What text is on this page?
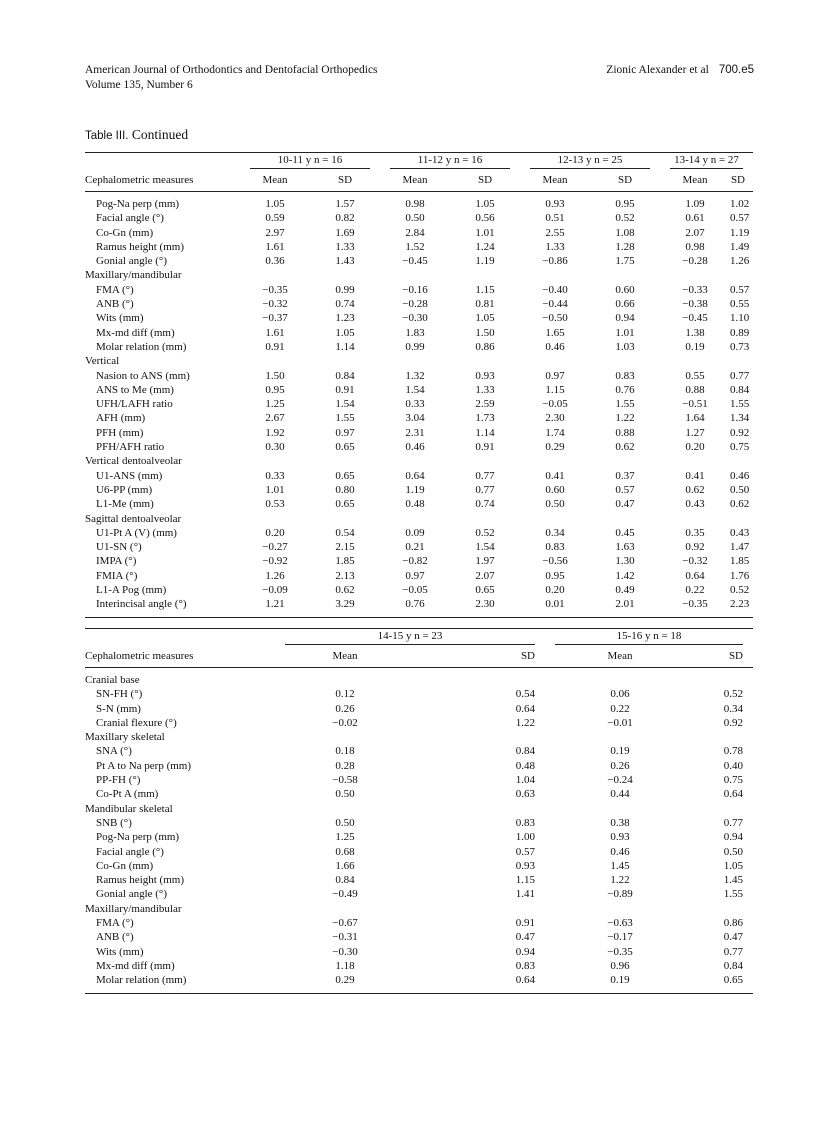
American Journal of Orthodontics and Dentofacial Orthopedics
Volume 135, Number 6
Zionic Alexander et al 700.e5
Table III. Continued

	10-11 y n = 16		11-12 y n = 16		12-13 y n = 25		13-14 y n = 27	

Cephalometric measures	Mean	SD	Mean	SD	Mean	SD	Mean	SD

Pog-Na perp (mm)	1.05	1.57	0.98	1.05	0.93	0.95	1.09	1.02
Facial angle (°)	0.59	0.82	0.50	0.56	0.51	0.52	0.61	0.57
Co-Gn (mm)	2.97	1.69	2.84	1.01	2.55	1.08	2.07	1.19
Ramus height (mm)	1.61	1.33	1.52	1.24	1.33	1.28	0.98	1.49
Gonial angle (°)	0.36	1.43	−0.45	1.19	−0.86	1.75	−0.28	1.26
Maxillary/mandibular								
FMA (°)	−0.35	0.99	−0.16	1.15	−0.40	0.60	−0.33	0.57
ANB (°)	−0.32	0.74	−0.28	0.81	−0.44	0.66	−0.38	0.55
Wits (mm)	−0.37	1.23	−0.30	1.05	−0.50	0.94	−0.45	1.10
Mx-md diff (mm)	1.61	1.05	1.83	1.50	1.65	1.01	1.38	0.89
Molar relation (mm)	0.91	1.14	0.99	0.86	0.46	1.03	0.19	0.73
Vertical								
Nasion to ANS (mm)	1.50	0.84	1.32	0.93	0.97	0.83	0.55	0.77
ANS to Me (mm)	0.95	0.91	1.54	1.33	1.15	0.76	0.88	0.84
UFH/LAFH ratio	1.25	1.54	0.33	2.59	−0.05	1.55	−0.51	1.55
AFH (mm)	2.67	1.55	3.04	1.73	2.30	1.22	1.64	1.34
PFH (mm)	1.92	0.97	2.31	1.14	1.74	0.88	1.27	0.92
PFH/AFH ratio	0.30	0.65	0.46	0.91	0.29	0.62	0.20	0.75
Vertical dentoalveolar								
U1-ANS (mm)	0.33	0.65	0.64	0.77	0.41	0.37	0.41	0.46
U6-PP (mm)	1.01	0.80	1.19	0.77	0.60	0.57	0.62	0.50
L1-Me (mm)	0.53	0.65	0.48	0.74	0.50	0.47	0.43	0.62
Sagittal dentoalveolar								
U1-Pt A (V) (mm)	0.20	0.54	0.09	0.52	0.34	0.45	0.35	0.43
U1-SN (°)	−0.27	2.15	0.21	1.54	0.83	1.63	0.92	1.47
IMPA (°)	−0.92	1.85	−0.82	1.97	−0.56	1.30	−0.32	1.85
FMIA (°)	1.26	2.13	0.97	2.07	0.95	1.42	0.64	1.76
L1-A Pog (mm)	−0.09	0.62	−0.05	0.65	0.20	0.49	0.22	0.52
Interincisal angle (°)	1.21	3.29	0.76	2.30	0.01	2.01	−0.35	2.23

	14-15 y n = 23		15-16 y n = 18	

Cephalometric measures	Mean	SD	Mean	SD

Cranial base				
SN-FH (°)	0.12	0.54	0.06	0.52
S-N (mm)	0.26	0.64	0.22	0.34
Cranial flexure (°)	−0.02	1.22	−0.01	0.92
Maxillary skeletal				
SNA (°)	0.18	0.84	0.19	0.78
Pt A to Na perp (mm)	0.28	0.48	0.26	0.40
PP-FH (°)	−0.58	1.04	−0.24	0.75
Co-Pt A (mm)	0.50	0.63	0.44	0.64
Mandibular skeletal				
SNB (°)	0.50	0.83	0.38	0.77
Pog-Na perp (mm)	1.25	1.00	0.93	0.94
Facial angle (°)	0.68	0.57	0.46	0.50
Co-Gn (mm)	1.66	0.93	1.45	1.05
Ramus height (mm)	0.84	1.15	1.22	1.45
Gonial angle (°)	−0.49	1.41	−0.89	1.55
Maxillary/mandibular				
FMA (°)	−0.67	0.91	−0.63	0.86
ANB (°)	−0.31	0.47	−0.17	0.47
Wits (mm)	−0.30	0.94	−0.35	0.77
Mx-md diff (mm)	1.18	0.83	0.96	0.84
Molar relation (mm)	0.29	0.64	0.19	0.65
